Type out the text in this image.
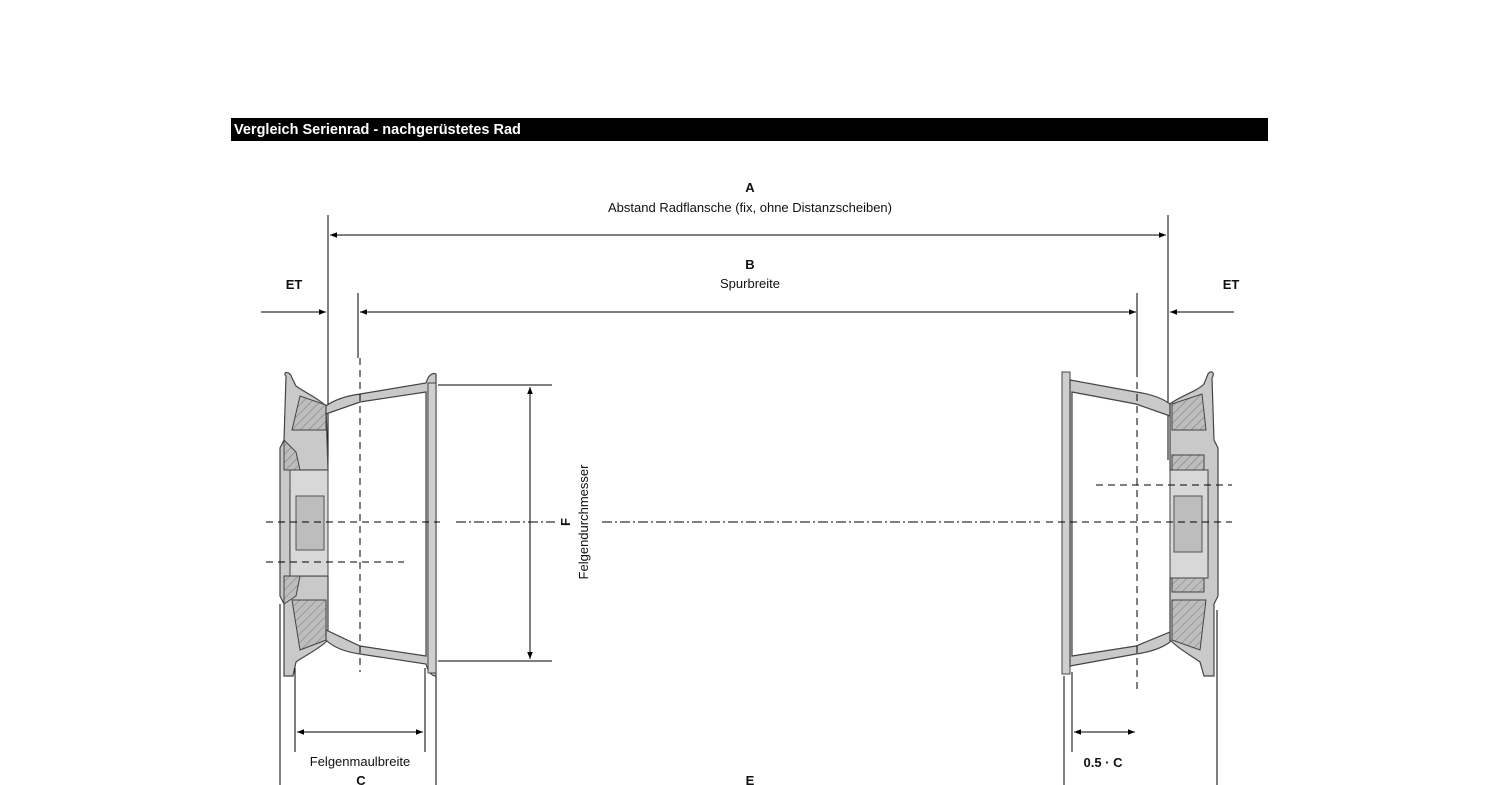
Vergleich Serienrad - nachgerüstetes Rad
A
Abstand Radflansche (fix, ohne Distanzscheiben)
B
Spurbreite
ET	ET
F Felgendurchmesser
Felgenmaulbreite
C
0.5 · C
E
